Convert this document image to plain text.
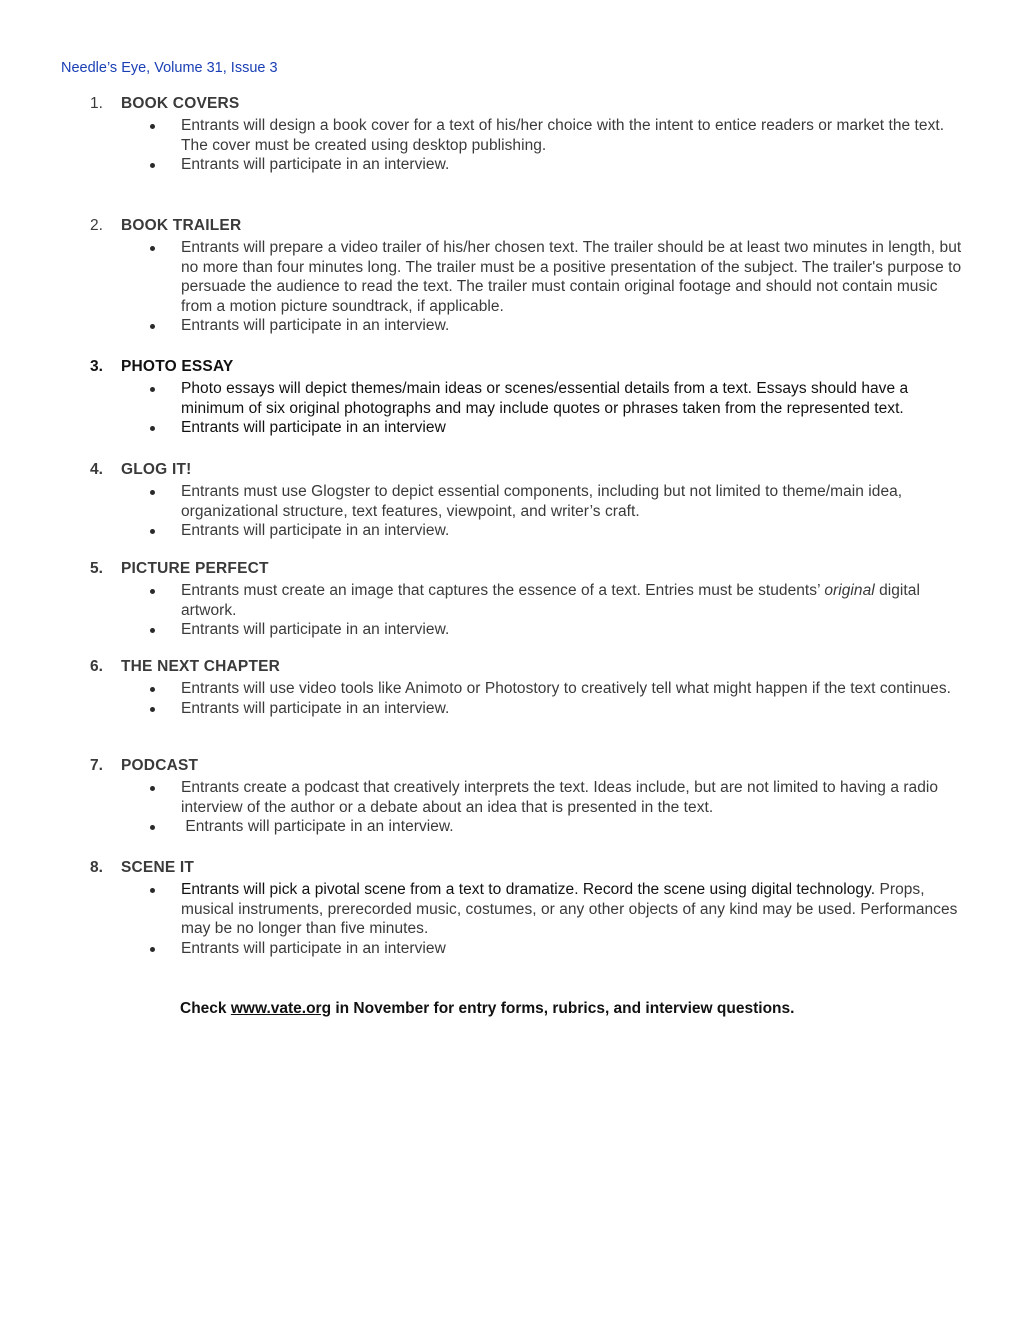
Needle’s Eye, Volume 31, Issue 3
1.	BOOK COVERS
Entrants will design a book cover for a text of his/her choice with the intent to entice readers or market the text. The cover must be created using desktop publishing.
Entrants will participate in an interview.
2.	BOOK TRAILER
Entrants will prepare a video trailer of his/her chosen text. The trailer should be at least two minutes in length, but no more than four minutes long. The trailer must be a positive presentation of the subject. The trailer's purpose to persuade the audience to read the text. The trailer must contain original footage and should not contain music from a motion picture soundtrack, if applicable.
Entrants will participate in an interview.
3.	PHOTO ESSAY
Photo essays will depict themes/main ideas or scenes/essential details from a text. Essays should have a minimum of six original photographs and may include quotes or phrases taken from the represented text.
Entrants will participate in an interview
4.	GLOG IT!
Entrants must use Glogster to depict essential components, including but not limited to theme/main idea, organizational structure, text features, viewpoint, and writer’s craft.
Entrants will participate in an interview.
5.	PICTURE PERFECT
Entrants must create an image that captures the essence of a text. Entries must be students’ original digital artwork.
Entrants will participate in an interview.
6.	THE NEXT CHAPTER
Entrants will use video tools like Animoto or Photostory to creatively tell what might happen if the text continues.
Entrants will participate in an interview.
7.	PODCAST
Entrants create a podcast that creatively interprets the text. Ideas include, but are not limited to having a radio interview of the author or a debate about an idea that is presented in the text.
Entrants will participate in an interview.
8.	SCENE IT
Entrants will pick a pivotal scene from a text to dramatize. Record the scene using digital technology. Props, musical instruments, prerecorded music, costumes, or any other objects of any kind may be used. Performances may be no longer than five minutes.
Entrants will participate in an interview
Check www.vate.org in November for entry forms, rubrics, and interview questions.
